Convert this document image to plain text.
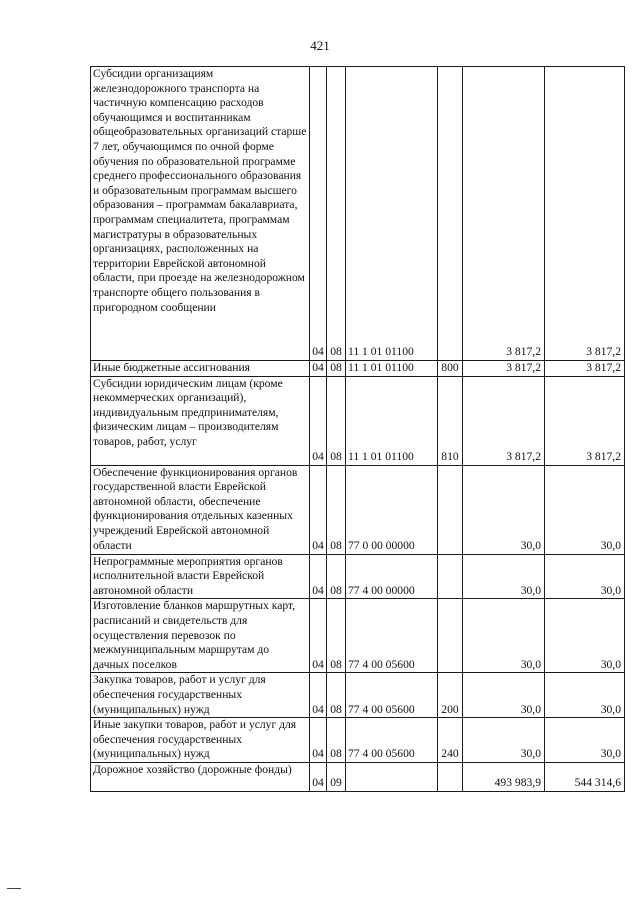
421
Субсидии организациям железнодорожного транспорта на частичную компенсацию расходов обучающимся и воспитанникам общеобразовательных организаций старше 7 лет, обучающимся по очной форме обучения по образовательной программе среднего профессионального образования и образовательным программам высшего образования – программам бакалавриата, программам специалитета, программам магистратуры в образовательных организациях, расположенных на территории Еврейской автономной области, при проезде на железнодорожном транспорте общего пользования в пригородном сообщении	04	08	11 1 01 01100		3 817,2	3 817,2

Иные бюджетные ассигнования	04	08	11 1 01 01100	800	3 817,2	3 817,2

Субсидии юридическим лицам (кроме некоммерческих организаций), индивидуальным предпринимателям, физическим лицам – производителям товаров, работ, услуг	04	08	11 1 01 01100	810	3 817,2	3 817,2

Обеспечение функционирования органов государственной власти Еврейской автономной области, обеспечение функционирования отдельных казенных учреждений Еврейской автономной области	04	08	77 0 00 00000		30,0	30,0

Непрограммные мероприятия органов исполнительной власти Еврейской автономной области	04	08	77 4 00 00000		30,0	30,0

Изготовление бланков маршрутных карт, расписаний и свидетельств для осуществления перевозок по межмуниципальным маршрутам до дачных поселков	04	08	77 4 00 05600		30,0	30,0

Закупка товаров, работ и услуг для обеспечения государственных (муниципальных) нужд	04	08	77 4 00 05600	200	30,0	30,0

Иные закупки товаров, работ и услуг для обеспечения государственных (муниципальных) нужд	04	08	77 4 00 05600	240	30,0	30,0

Дорожное хозяйство (дорожные фонды)	04	09			493 983,9	544 314,6
